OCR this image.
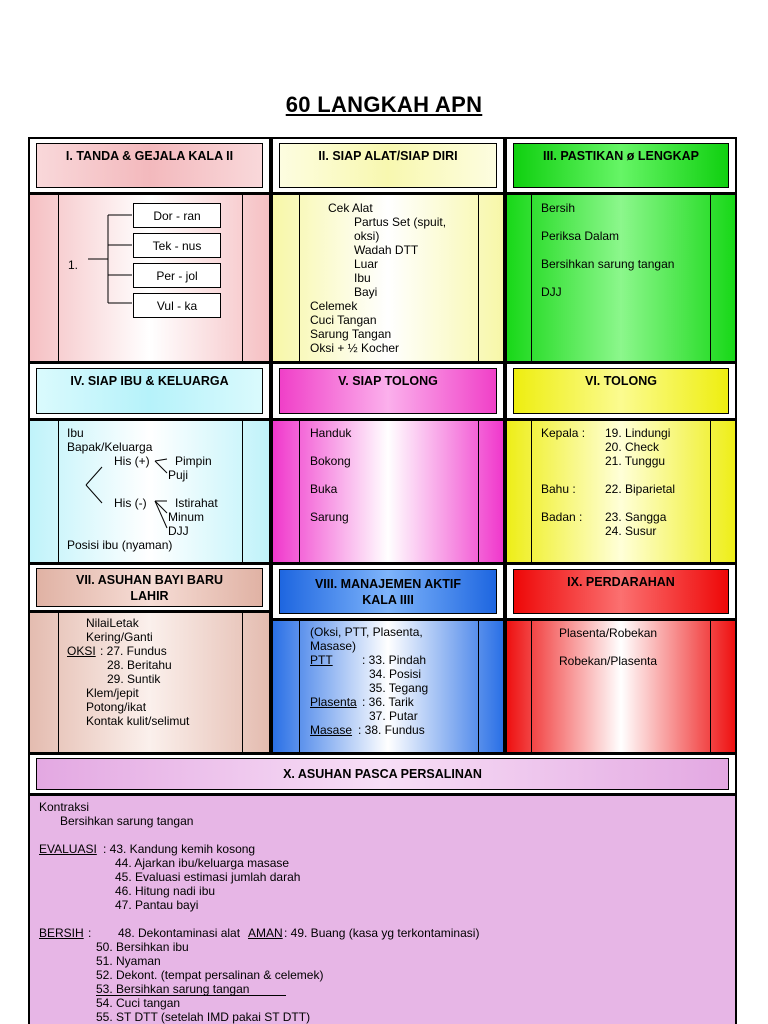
60 LANGKAH APN
I. TANDA & GEJALA KALA II	II. SIAP ALAT/SIAP DIRI	III. PASTIKAN ø LENGKAP
1.
Dor - ran
Tek - nus
Per - jol
Vul - ka
Cek Alat
Partus Set (spuit,
oksi)
Wadah DTT
Luar
Ibu
Bayi
Celemek
Cuci Tangan
Sarung Tangan
Oksi + ½ Kocher
Bersih
Periksa Dalam
Bersihkan sarung tangan
DJJ
IV. SIAP IBU & KELUARGA	V. SIAP TOLONG	VI. TOLONG
Ibu
Bapak/Keluarga
His (+) Pimpin
Puji
His (-) Istirahat
Minum
DJJ
Posisi ibu (nyaman)
Handuk
Bokong
Buka
Sarung
Kepala : 19. Lindungi
20. Check
21. Tunggu
Bahu : 22. Biparietal
Badan : 23. Sangga
24. Susur
VII. ASUHAN BAYI BARU
LAHIR
VIII. MANAJEMEN AKTIF
KALA IIII
IX. PERDARAHAN
NilaiLetak
Kering/Ganti
OKSI : 27. Fundus
28. Beritahu
29. Suntik
Klem/jepit
Potong/ikat
Kontak kulit/selimut
(Oksi, PTT, Plasenta,
Masase)
PTT : 33. Pindah
34. Posisi
35. Tegang
Plasenta : 36. Tarik
37. Putar
Masase : 38. Fundus
Plasenta/Robekan
Robekan/Plasenta
X. ASUHAN PASCA PERSALINAN
Kontraksi
Bersihkan sarung tangan
EVALUASI : 43. Kandung kemih kosong
44. Ajarkan ibu/keluarga masase
45. Evaluasi estimasi jumlah darah
46. Hitung nadi ibu
47. Pantau bayi
BERSIH : 48. Dekontaminasi alat AMAN : 49. Buang (kasa yg terkontaminasi)
50. Bersihkan ibu
51. Nyaman
52. Dekont. (tempat persalinan & celemek)
53. Bersihkan sarung tangan
54. Cuci tangan
55. ST DTT (setelah IMD pakai ST DTT)
